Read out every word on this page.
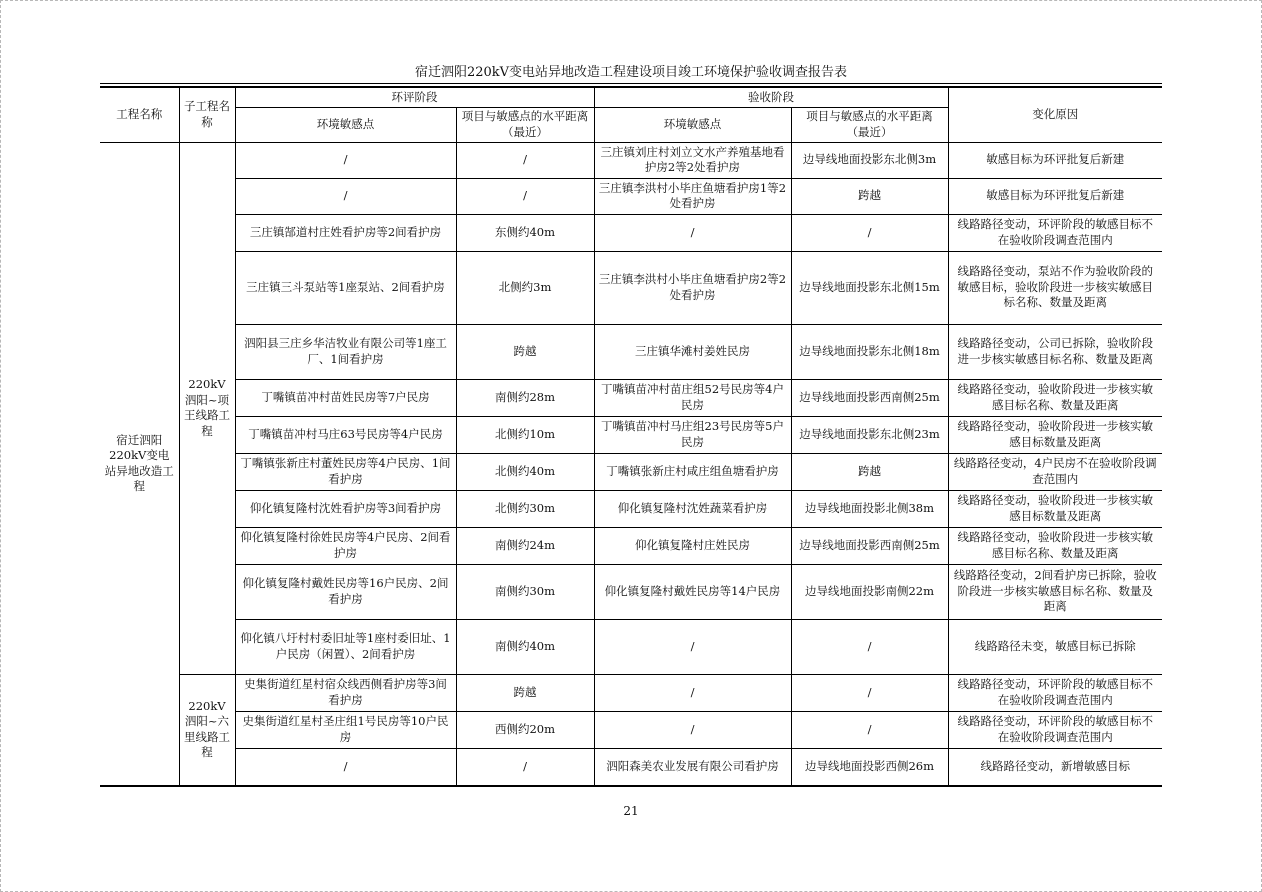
宿迁泗阳220kV变电站异地改造工程建设项目竣工环境保护验收调查报告表
工程名称	子工程名称	环评阶段		验收阶段		变化原因
		环境敏感点	项目与敏感点的水平距离（最近）	环境敏感点	项目与敏感点的水平距离（最近）	
宿迁泗阳220kV变电站异地改造工程	220kV泗阳~项王线路工程	/	/	三庄镇刘庄村刘立文水产养殖基地看护房2等2处看护房	边导线地面投影东北侧3m	敏感目标为环评批复后新建
		/	/	三庄镇李洪村小毕庄鱼塘看护房1等2处看护房	跨越	敏感目标为环评批复后新建
		三庄镇郜道村庄姓看护房等2间看护房	东侧约40m	/	/	线路路径变动，环评阶段的敏感目标不在验收阶段调查范围内
		三庄镇三斗泵站等1座泵站、2间看护房	北侧约3m	三庄镇李洪村小毕庄鱼塘看护房2等2处看护房	边导线地面投影东北侧15m	线路路径变动，泵站不作为验收阶段的敏感目标，验收阶段进一步核实敏感目标名称、数量及距离
		泗阳县三庄乡华洁牧业有限公司等1座工厂、1间看护房	跨越	三庄镇华滩村姜姓民房	边导线地面投影东北侧18m	线路路径变动，公司已拆除，验收阶段进一步核实敏感目标名称、数量及距离
		丁嘴镇苗冲村苗姓民房等7户民房	南侧约28m	丁嘴镇苗冲村苗庄组52号民房等4户民房	边导线地面投影西南侧25m	线路路径变动，验收阶段进一步核实敏感目标名称、数量及距离
		丁嘴镇苗冲村马庄63号民房等4户民房	北侧约10m	丁嘴镇苗冲村马庄组23号民房等5户民房	边导线地面投影东北侧23m	线路路径变动，验收阶段进一步核实敏感目标数量及距离
		丁嘴镇张新庄村董姓民房等4户民房、1间看护房	北侧约40m	丁嘴镇张新庄村咸庄组鱼塘看护房	跨越	线路路径变动，4户民房不在验收阶段调查范围内
		仰化镇复隆村沈姓看护房等3间看护房	北侧约30m	仰化镇复隆村沈姓蔬菜看护房	边导线地面投影北侧38m	线路路径变动，验收阶段进一步核实敏感目标数量及距离
		仰化镇复隆村徐姓民房等4户民房、2间看护房	南侧约24m	仰化镇复隆村庄姓民房	边导线地面投影西南侧25m	线路路径变动，验收阶段进一步核实敏感目标名称、数量及距离
		仰化镇复隆村戴姓民房等16户民房、2间看护房	南侧约30m	仰化镇复隆村戴姓民房等14户民房	边导线地面投影南侧22m	线路路径变动，2间看护房已拆除，验收阶段进一步核实敏感目标名称、数量及距离
		仰化镇八圩村村委旧址等1座村委旧址、1户民房（闲置）、2间看护房	南侧约40m	/	/	线路路径未变，敏感目标已拆除
	220kV泗阳~六里线路工程	史集街道红星村宿众线西侧看护房等3间看护房	跨越	/	/	线路路径变动，环评阶段的敏感目标不在验收阶段调查范围内
		史集街道红星村圣庄组1号民房等10户民房	西侧约20m	/	/	线路路径变动，环评阶段的敏感目标不在验收阶段调查范围内
		/	/	泗阳森美农业发展有限公司看护房	边导线地面投影西侧26m	线路路径变动，新增敏感目标
21
